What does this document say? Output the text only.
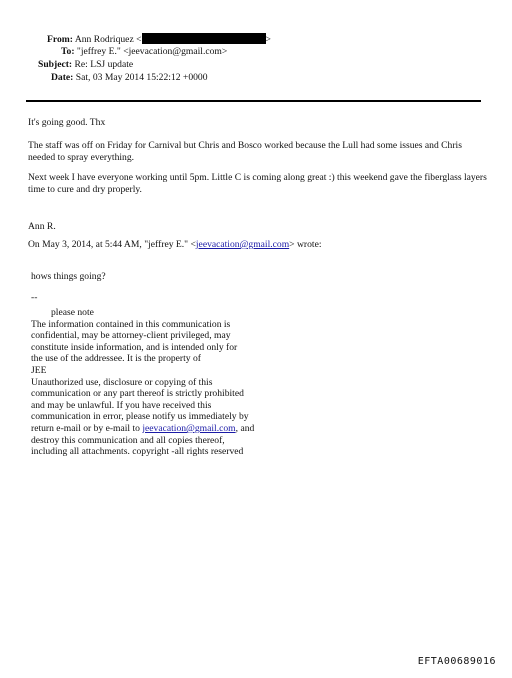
From: Ann Rodriquez <	>
To: "jeffrey E." <jeevacation@gmail.com>
Subject: Re: LSJ update
Date: Sat, 03 May 2014 15:22:12 +0000
It's going good. Thx
The staff was off on Friday for Carnival but Chris and Bosco worked because the Lull had some issues and Chris needed to spray everything.
Next week I have everyone working until 5pm. Little C is coming along great :) this weekend gave the fiberglass layers time to cure and dry properly.
Ann R.
On May 3, 2014, at 5:44 AM, "jeffrey E." <jeevacation@gmail.com> wrote:
hows things going?
--
please note
The information contained in this communication is
confidential, may be attorney-client privileged, may
constitute inside information, and is intended only for
the use of the addressee. It is the property of
JEE
Unauthorized use, disclosure or copying of this
communication or any part thereof is strictly prohibited
and may be unlawful. If you have received this
communication in error, please notify us immediately by
return e-mail or by e-mail to jeevacation@gmail.com, and
destroy this communication and all copies thereof,
including all attachments. copyright -all rights reserved
EFTA00689016
